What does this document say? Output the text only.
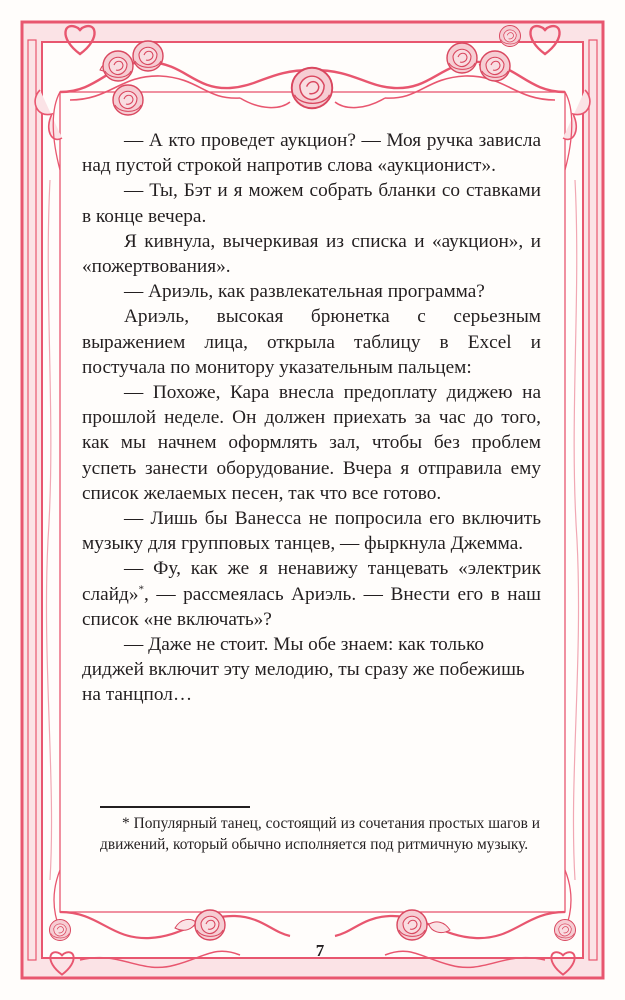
— А кто проведет аукцион? — Моя ручка зависла над пустой строкой напротив слова «аукционист».

— Ты, Бэт и я можем собрать бланки со ставками в конце вечера.

Я кивнула, вычеркивая из списка и «аукцион», и «пожертвования».

— Ариэль, как развлекательная программа?

Ариэль, высокая брюнетка с серьезным выражением лица, открыла таблицу в Excel и постучала по монитору указательным пальцем:

— Похоже, Кара внесла предоплату диджею на прошлой неделе. Он должен приехать за час до того, как мы начнем оформлять зал, чтобы без проблем успеть занести оборудование. Вчера я отправила ему список желаемых песен, так что все готово.

— Лишь бы Ванесса не попросила его включить музыку для групповых танцев, — фыркнула Джемма.

— Фу, как же я ненавижу танцевать «электрик слайд»*, — рассмеялась Ариэль. — Внести его в наш список «не включать»?

— Даже не стоит. Мы обе знаем: как только диджей включит эту мелодию, ты сразу же побежишь на танцпол…

* Популярный танец, состоящий из сочетания простых шагов и движений, который обычно исполняется под ритмичную музыку.

7
